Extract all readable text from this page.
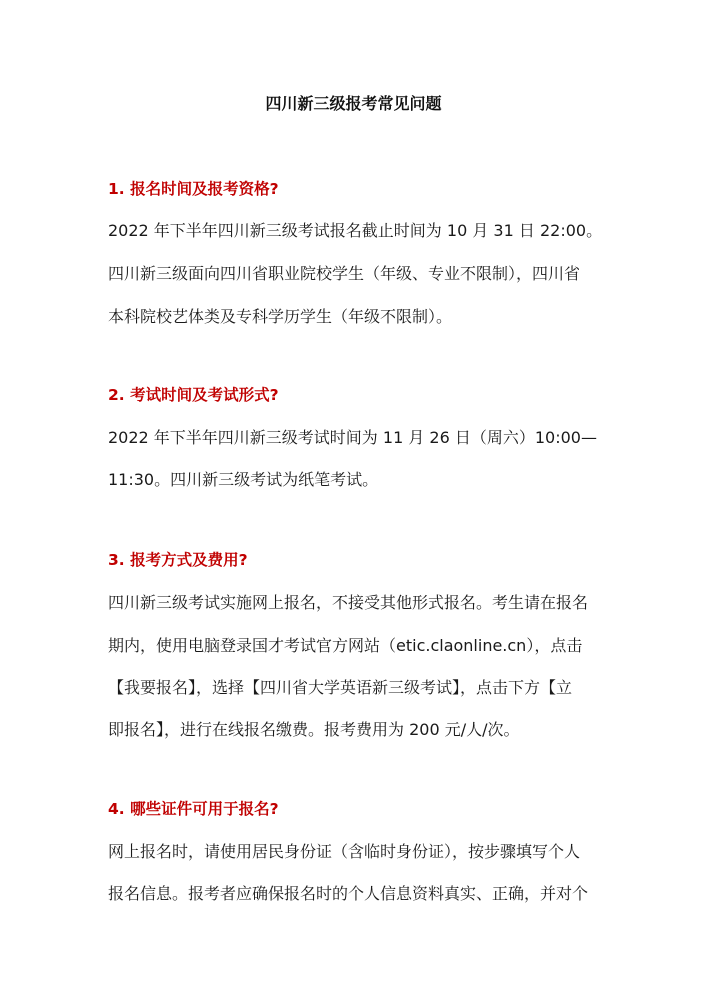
四川新三级报考常见问题
1. 报名时间及报考资格?
2022 年下半年四川新三级考试报名截止时间为 10 月 31 日 22:00。
四川新三级面向四川省职业院校学生（年级、专业不限制），四川省
本科院校艺体类及专科学历学生（年级不限制）。
2. 考试时间及考试形式?
2022 年下半年四川新三级考试时间为 11 月 26 日（周六）10:00—
11:30。四川新三级考试为纸笔考试。
3. 报考方式及费用?
四川新三级考试实施网上报名，不接受其他形式报名。考生请在报名
期内，使用电脑登录国才考试官方网站（etic.claonline.cn），点击
【我要报名】，选择【四川省大学英语新三级考试】，点击下方【立
即报名】，进行在线报名缴费。报考费用为 200 元/人/次。
4. 哪些证件可用于报名?
网上报名时，请使用居民身份证（含临时身份证），按步骤填写个人
报名信息。报考者应确保报名时的个人信息资料真实、正确，并对个
